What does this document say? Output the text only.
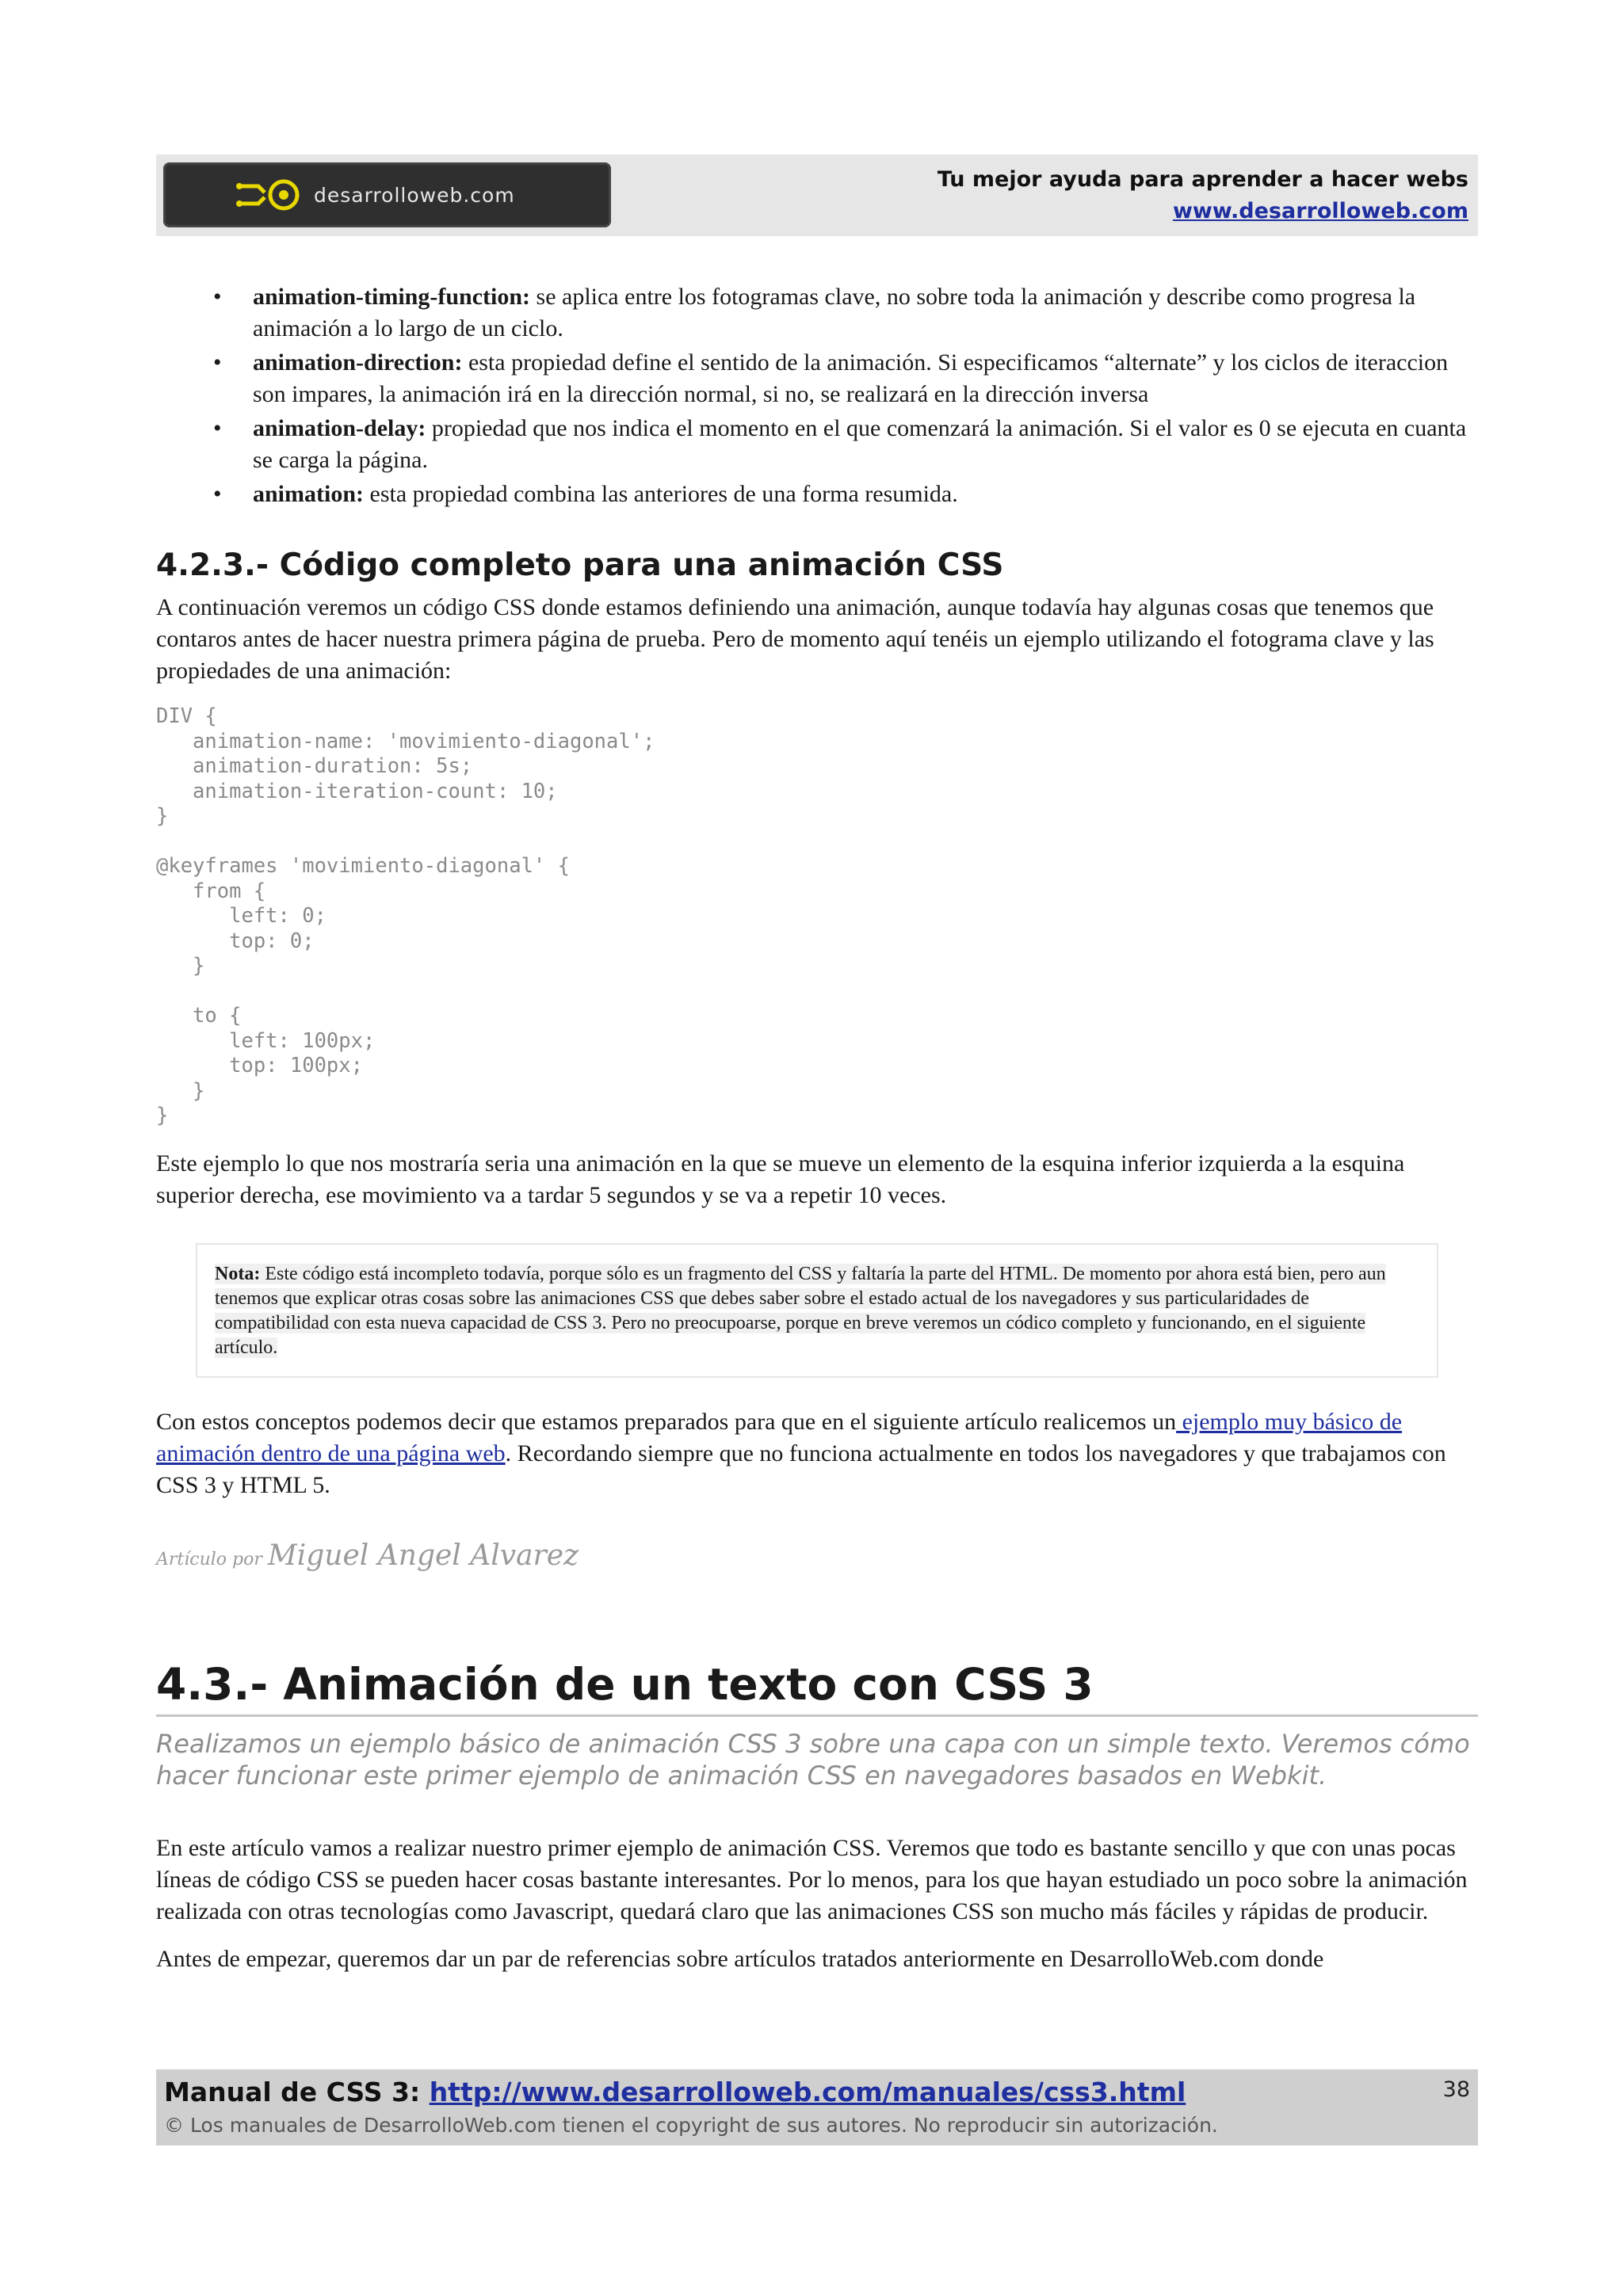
desarrolloweb.com
Tu mejor ayuda para aprender a hacer webs
www.desarrolloweb.com
• animation-timing-function: se aplica entre los fotogramas clave, no sobre toda la animación y describe como progresa la animación a lo largo de un ciclo.
• animation-direction: esta propiedad define el sentido de la animación. Si especificamos “alternate” y los ciclos de iteraccion son impares, la animación irá en la dirección normal, si no, se realizará en la dirección inversa
• animation-delay: propiedad que nos indica el momento en el que comenzará la animación. Si el valor es 0 se ejecuta en cuanta se carga la página.
• animation: esta propiedad combina las anteriores de una forma resumida.
4.2.3.- Código completo para una animación CSS

A continuación veremos un código CSS donde estamos definiendo una animación, aunque todavía hay algunas cosas que tenemos que contaros antes de hacer nuestra primera página de prueba. Pero de momento aquí tenéis un ejemplo utilizando el fotograma clave y las propiedades de una animación:

DIV {
animation-name: 'movimiento-diagonal';
animation-duration: 5s;
animation-iteration-count: 10;
}

@keyframes 'movimiento-diagonal' {
from {
left: 0;
top: 0;
}

to {
left: 100px;
top: 100px;
}
}

Este ejemplo lo que nos mostraría seria una animación en la que se mueve un elemento de la esquina inferior izquierda a la esquina superior derecha, ese movimiento va a tardar 5 segundos y se va a repetir 10 veces.

Nota: Este código está incompleto todavía, porque sólo es un fragmento del CSS y faltaría la parte del HTML. De momento por ahora está bien, pero aun tenemos que explicar otras cosas sobre las animaciones CSS que debes saber sobre el estado actual de los navegadores y sus particularidades de compatibilidad con esta nueva capacidad de CSS 3. Pero no preocupoarse, porque en breve veremos un códico completo y funcionando, en el siguiente artículo.

Con estos conceptos podemos decir que estamos preparados para que en el siguiente artículo realicemos un ejemplo muy básico de animación dentro de una página web. Recordando siempre que no funciona actualmente en todos los navegadores y que trabajamos con CSS 3 y HTML 5.

Artículo por Miguel Angel Alvarez
4.3.- Animación de un texto con CSS 3
Realizamos un ejemplo básico de animación CSS 3 sobre una capa con un simple texto. Veremos cómo hacer funcionar este primer ejemplo de animación CSS en navegadores basados en Webkit.

En este artículo vamos a realizar nuestro primer ejemplo de animación CSS. Veremos que todo es bastante sencillo y que con unas pocas líneas de código CSS se pueden hacer cosas bastante interesantes. Por lo menos, para los que hayan estudiado un poco sobre la animación realizada con otras tecnologías como Javascript, quedará claro que las animaciones CSS son mucho más fáciles y rápidas de producir.

Antes de empezar, queremos dar un par de referencias sobre artículos tratados anteriormente en DesarrolloWeb.com donde

Manual de CSS 3: http://www.desarrolloweb.com/manuales/css3.html
© Los manuales de DesarrolloWeb.com tienen el copyright de sus autores. No reproducir sin autorización.
38
